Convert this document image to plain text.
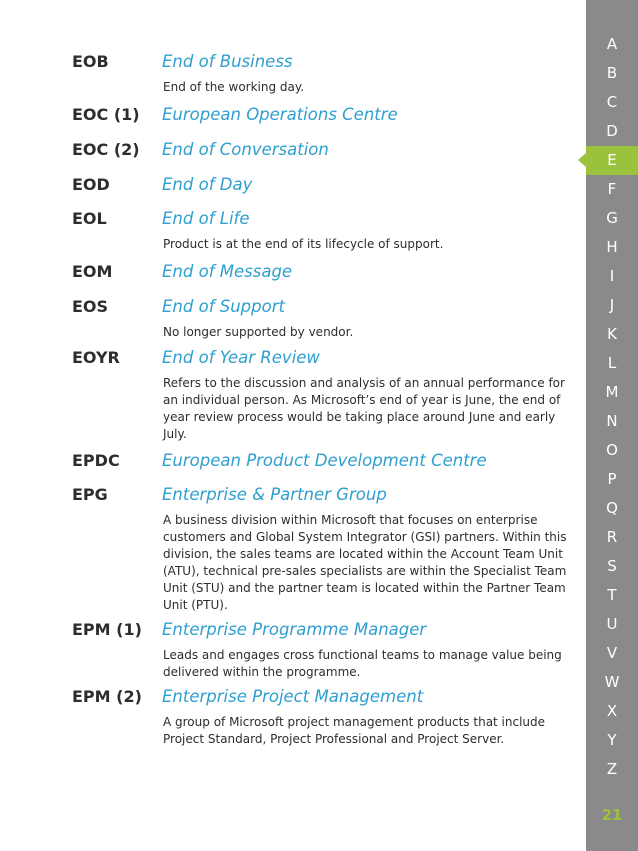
EOB	End of Business
End of the working day.
EOC (1) European Operations Centre
EOC (2) End of Conversation
EOD	End of Day
EOL	End of Life
Product is at the end of its lifecycle of support.
EOM	End of Message
EOS	End of Support
No longer supported by vendor.
EOYR	End of Year Review
Refers to the discussion and analysis of an annual performance for an individual person. As Microsoft’s end of year is June, the end of year review process would be taking place around June and early July.
EPDC	European Product Development Centre
EPG	Enterprise & Partner Group
A business division within Microsoft that focuses on enterprise customers and Global System Integrator (GSI) partners. Within this division, the sales teams are located within the Account Team Unit (ATU), technical pre-sales specialists are within the Specialist Team Unit (STU) and the partner team is located within the Partner Team Unit (PTU).
EPM (1) Enterprise Programme Manager
Leads and engages cross functional teams to manage value being delivered within the programme.
EPM (2) Enterprise Project Management
A group of Microsoft project management products that include Project Standard, Project Professional and Project Server.
A
B
C
D
E
F
G
H
I
J
K
L
M
N
O
P
Q
R
S
T
U
V
W
X
Y
Z
21
